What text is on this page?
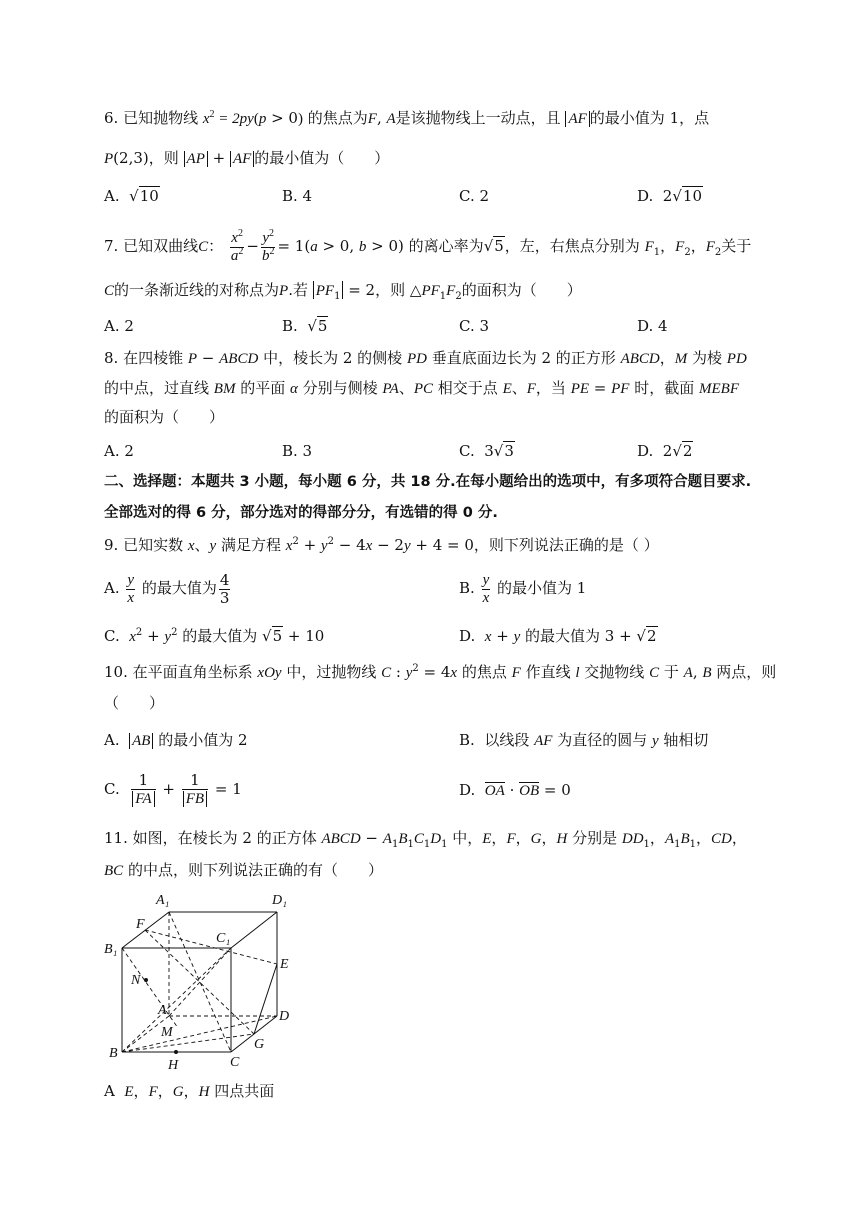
6. 已知抛物线 $x^2 = 2py(p > 0)$ 的焦点为F, A是该抛物线上一动点，且 AF 的最小值为 1，点
P(2,3)，则 AP + AF 的最小值为（　　）
A.  √10	B. 4	C. 2	D.  2√10
7. 已知双曲线C： $\frac{x^2}{a^2} - \frac{y^2}{b^2} = 1(a > 0$, b > 0) 的离心率为√5，左，右焦点分别为 $F_1$，$F_2$，$F_2$关于
C的一条渐近线的对称点为P.若 $PF_1 = 2$，则 $\triangle PF_1F_2$的面积为（　　）
A. 2	B.  √5	C. 3	D. 4
8. 在四棱锥 P − ABCD 中，棱长为 2 的侧棱 PD 垂直底面边长为 2 的正方形 ABCD，M 为棱 PD
的中点，过直线 BM 的平面 α 分别与侧棱 PA、PC 相交于点 E、F，当 PE = PF 时，截面 MEBF
的面积为（　　）
A. 2	B. 3	C.  3√3	D.  2√2
二、选择题：本题共 3 小题，每小题 6 分，共 18 分.在每小题给出的选项中，有多项符合题目要求.
全部选对的得 6 分，部分选对的得部分分，有选错的得 0 分.
9. 已知实数 x、y 满足方程 $x^2 + y^2 - 4x - 2y + 4 = 0$，则下列说法正确的是（ ）
A. $\frac{y}{x}$ 的最大值为 $\frac{4}{3}$	B. $\frac{y}{x}$ 的最小值为 1
C.  $x^2 + y^2$ 的最大值为 √5 + 10	D.  x + y 的最大值为 3 + √2
10. 在平面直角坐标系 xOy 中，过抛物线 C : $y^2 = 4x$ 的焦点 F 作直线 l 交抛物线 C 于 A, B 两点，则
（　　）
A.  AB 的最小值为 2	B.  以线段 AF 为直径的圆与 y 轴相切
C. $\frac{1}{FA} + \frac{1}{FB} = 1$	D.  OA · OB = 0
11. 如图，在棱长为 2 的正方体 ABCD − $A_1B_1C_1D_1$ 中，E，F，G，H 分别是 $DD_1$，$A_1B_1$，CD，
BC 的中点，则下列说法正确的有（　　）
A₁	D₁
F
C₁
B₁
E
N
A	D
M
G
B
H	C
A  E，F，G，H 四点共面
